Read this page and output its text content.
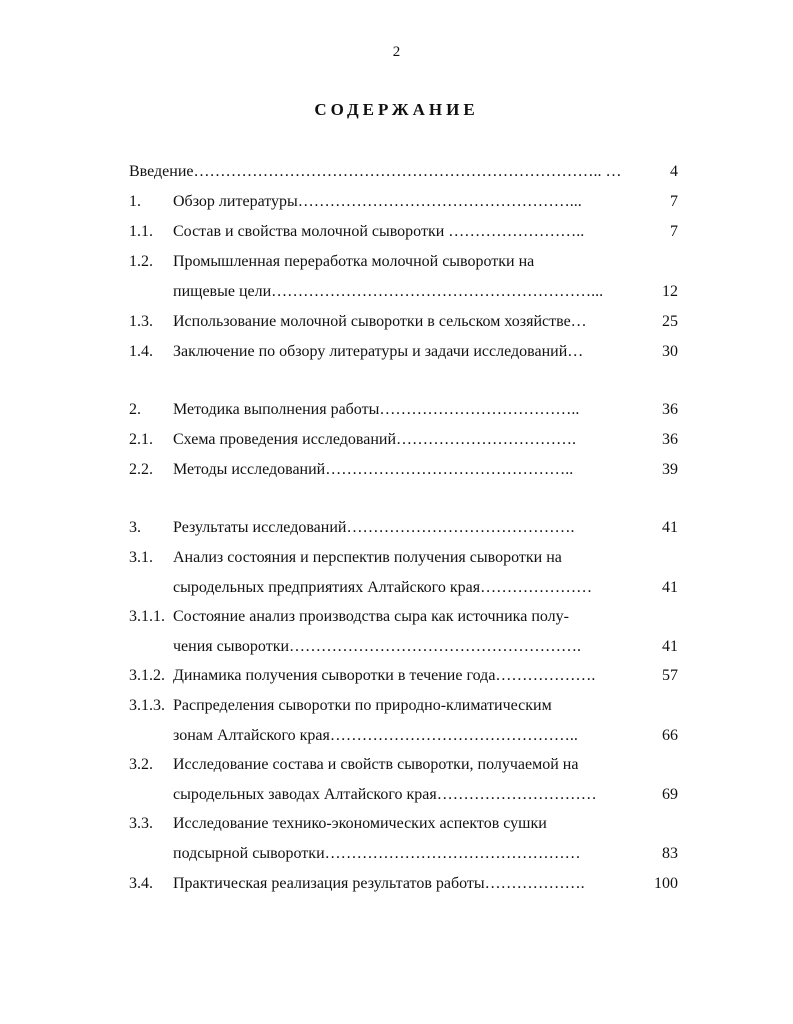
2
СОДЕРЖАНИЕ
Введение………………………………………………………………….. …	4
1. Обзор литературы……………………………………………...	7
1.1. Состав и свойства молочной сыворотки ……………………..	7
1.2. Промышленная переработка молочной сыворотки на
пищевые цели……………………………………………………...	12
1.3. Использование молочной сыворотки в сельском хозяйстве…	25
1.4. Заключение по обзору литературы и задачи исследований…	30
2. Методика выполнения работы………………………………..	36
2.1. Схема проведения исследований…………………………….	36
2.2. Методы исследований………………………………………..	39
3. Результаты исследований…………………………………….	41
3.1. Анализ состояния и перспектив получения сыворотки на
сыродельных предприятиях Алтайского края…………………	41
3.1.1. Состояние анализ производства сыра как источника полу-
чения сыворотки……………………………………………….	41
3.1.2. Динамика получения сыворотки в течение года……………….	57
3.1.3. Распределения сыворотки по природно-климатическим
зонам Алтайского края………………………………………..	66
3.2. Исследование состава и свойств сыворотки, получаемой на
сыродельных заводах Алтайского края…………………………	69
3.3. Исследование технико-экономических аспектов сушки
подсырной сыворотки…………………………………………	83
3.4. Практическая реализация результатов работы……………….	100
